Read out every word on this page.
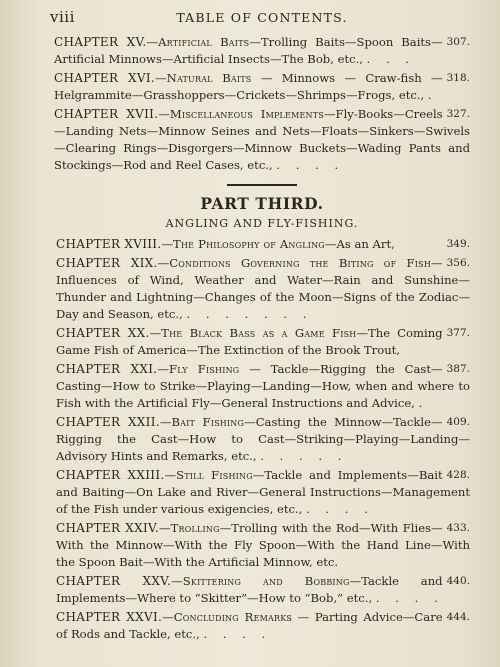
viii	TABLE OF CONTENTS.

307.
CHAPTER XV.—Artificial Baits—Trolling Baits—Spoon Baits—Artificial Minnows—Artificial Insects—The Bob, etc., . . .

318.
CHAPTER XVI.—Natural Baits — Minnows — Craw-fish — Helgrammite—Grasshoppers—Crickets—Shrimps—Frogs, etc., .

327.
CHAPTER XVII.—Miscellaneous Implements—Fly-Books—Creels—Landing Nets—Minnow Seines and Nets—Floats—Sinkers—Swivels—Clearing Rings—Disgorgers—Minnow Buckets—Wading Pants and Stockings—Rod and Reel Cases, etc., . . . .

PART THIRD.
ANGLING AND FLY-FISHING.

349.
CHAPTER XVIII.—The Philosophy of Angling—As an Art,

356.
CHAPTER XIX.—Conditions Governing the Biting of Fish—Influences of Wind, Weather and Water—Rain and Sunshine—Thunder and Lightning—Changes of the Moon—Signs of the Zodiac—Day and Season, etc., . . . . . . .

377.
CHAPTER XX.—The Black Bass as a Game Fish—The Coming Game Fish of America—The Extinction of the Brook Trout,

387.
CHAPTER XXI.—Fly Fishing — Tackle—Rigging the Cast—Casting—How to Strike—Playing—Landing—How, when and where to Fish with the Artificial Fly—General Instructions and Advice, .

409.
CHAPTER XXII.—Bait Fishing—Casting the Minnow—Tackle—Rigging the Cast—How to Cast—Striking—Playing—Landing—Advisory Hints and Remarks, etc., . . . . .

428.
CHAPTER XXIII.—Still Fishing—Tackle and Implements—Bait and Baiting—On Lake and River—General Instructions—Management of the Fish under various exigencies, etc., . . . .

433.
CHAPTER XXIV.—Trolling—Trolling with the Rod—With Flies—With the Minnow—With the Fly Spoon—With the Hand Line—With the Spoon Bait—With the Artificial Minnow, etc.

440.
CHAPTER XXV.—Skittering and Bobbing—Tackle and Implements—Where to “Skitter”—How to “Bob,” etc., . . . .

444.
CHAPTER XXVI.—Concluding Remarks — Parting Advice—Care of Rods and Tackle, etc., . . . .
